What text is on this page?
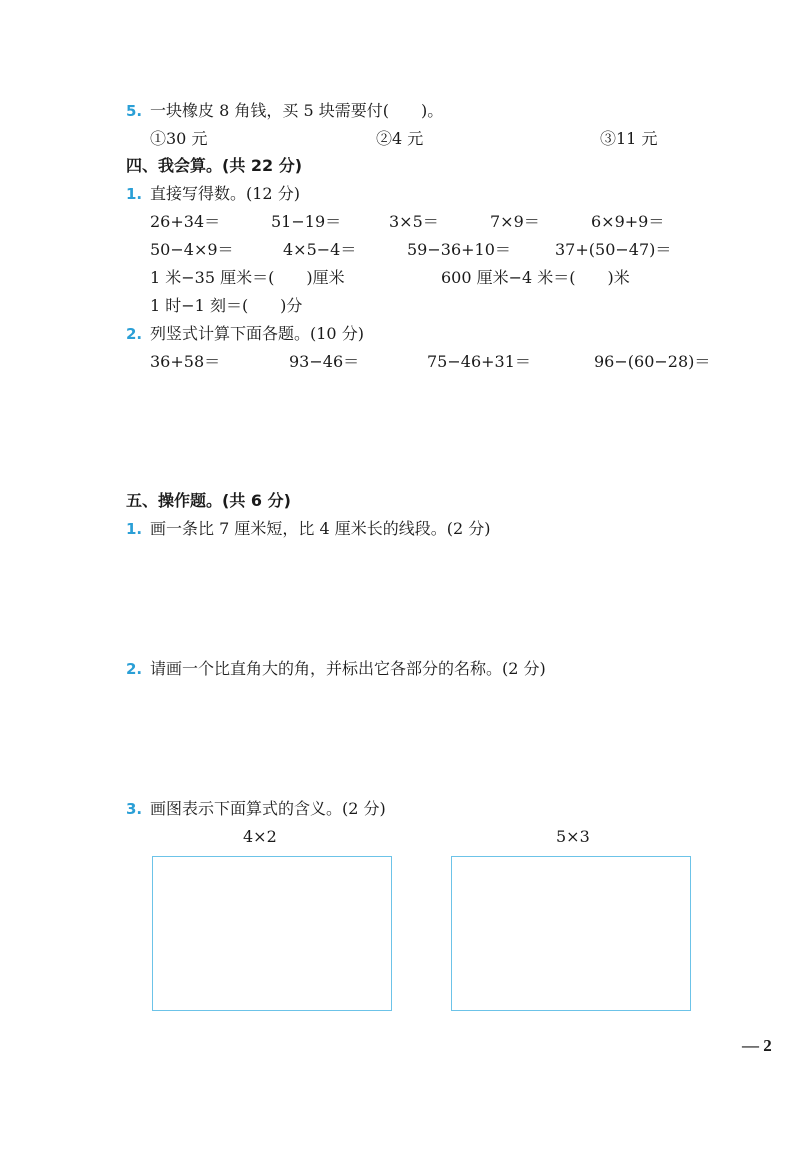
5. 一块橡皮 8 角钱，买 5 块需要付(　　)。
①30 元	②4 元	③11 元
四、我会算。(共 22 分)
1. 直接写得数。(12 分)
26+34＝	51−19＝	3×5＝	7×9＝	6×9+9＝
50−4×9＝	4×5−4＝	59−36+10＝	37+(50−47)＝
1 米−35 厘米＝(　　)厘米	600 厘米−4 米＝(　　)米
1 时−1 刻＝(　　)分
2. 列竖式计算下面各题。(10 分)
36+58＝	93−46＝	75−46+31＝	96−(60−28)＝
五、操作题。(共 6 分)
1. 画一条比 7 厘米短，比 4 厘米长的线段。(2 分)
2. 请画一个比直角大的角，并标出它各部分的名称。(2 分)
3. 画图表示下面算式的含义。(2 分)
4×2	5×3
— 2
